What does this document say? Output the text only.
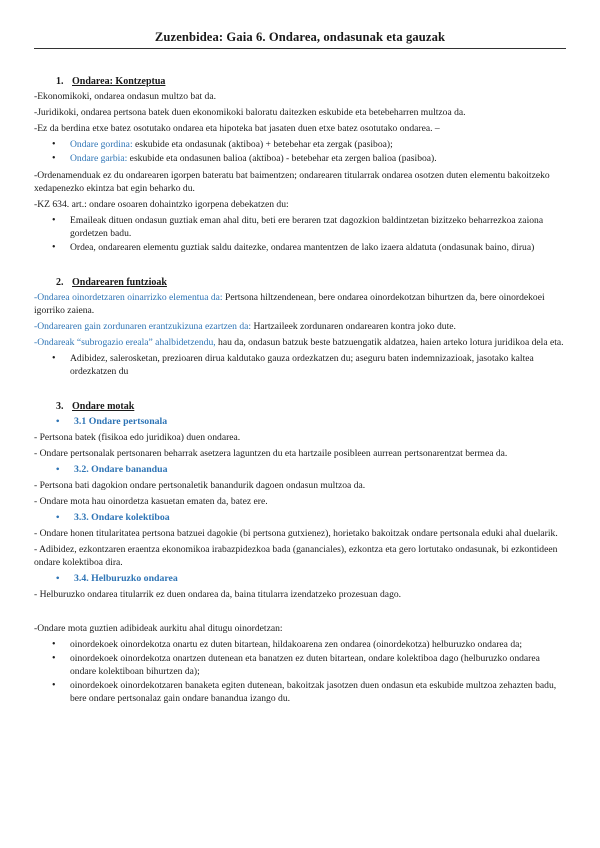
Zuzenbidea: Gaia 6. Ondarea, ondasunak eta gauzak
1. Ondarea: Kontzeptua

-Ekonomikoki, ondarea ondasun multzo bat da.

-Juridikoki, ondarea pertsona batek duen ekonomikoki baloratu daitezken eskubide eta betebeharren multzoa da.

-Ez da berdina etxe batez osotutako ondarea eta hipoteka bat jasaten duen etxe batez osotutako ondarea. –

• Ondare gordina: eskubide eta ondasunak (aktiboa) + betebehar eta zergak (pasiboa);
• Ondare garbia: eskubide eta ondasunen balioa (aktiboa) - betebehar eta zergen balioa (pasiboa).

-Ordenamenduak ez du ondarearen igorpen bateratu bat baimentzen; ondarearen titularrak ondarea osotzen duten elementu bakoitzeko xedapenezko ekintza bat egin beharko du.

-KZ 634. art.: ondare osoaren dohaintzko igorpena debekatzen du:

• Emaileak dituen ondasun guztiak eman ahal ditu, beti ere beraren tzat dagozkion baldintzetan bizitzeko beharrezkoa zaiona gordetzen badu.
• Ordea, ondarearen elementu guztiak saldu daitezke, ondarea mantentzen de lako izaera aldatuta (ondasunak baino, dirua)
2. Ondarearen funtzioak

-Ondarea oinordetzaren oinarrizko elementua da: Pertsona hiltzendenean, bere ondarea oinordekotzan bihurtzen da, bere oinordekoei igorriko zaiena.

-Ondarearen gain zordunaren erantzukizuna ezartzen da: Hartzaileek zordunaren ondarearen kontra joko dute.

-Ondareak “subrogazio ereala” ahalbidetzendu, hau da, ondasun batzuk beste batzuengatik aldatzea, haien arteko lotura juridikoa dela eta.

• Adibidez, salerosketan, prezioaren dirua kaldutako gauza ordezkatzen du; aseguru baten indemnizazioak, jasotako kaltea ordezkatzen du
3. Ondare motak
• 3.1 Ondare pertsonala

- Pertsona batek (fisikoa edo juridikoa) duen ondarea.

- Ondare pertsonalak pertsonaren beharrak asetzera laguntzen du eta hartzaile posibleen aurrean pertsonarentzat bermea da.

• 3.2. Ondare banandua

- Pertsona bati dagokion ondare pertsonaletik banandurik dagoen ondasun multzoa da.

- Ondare mota hau oinordetza kasuetan ematen da, batez ere.

• 3.3. Ondare kolektiboa

- Ondare honen titularitatea pertsona batzuei dagokie (bi pertsona gutxienez), horietako bakoitzak ondare pertsonala eduki ahal duelarik.

- Adibidez, ezkontzaren eraentza ekonomikoa irabazpidezkoa bada (gananciales), ezkontza eta gero lortutako ondasunak, bi ezkontideen ondare kolektiboa dira.

• 3.4. Helburuzko ondarea

- Helburuzko ondarea titularrik ez duen ondarea da, baina titularra izendatzeko prozesuan dago.

-Ondare mota guztien adibideak aurkitu ahal ditugu oinordetzan:

• oinordekoek oinordekotza onartu ez duten bitartean, hildakoarena zen ondarea (oinordekotza) helburuzko ondarea da;
• oinordekoek oinordekotza onartzen dutenean eta banatzen ez duten bitartean, ondare kolektiboa dago (helburuzko ondarea ondare kolektiboan bihurtzen da);
• oinordekoek oinordekotzaren banaketa egiten dutenean, bakoitzak jasotzen duen ondasun eta eskubide multzoa zehazten badu, bere ondare pertsonalaz gain ondare banandua izango du.
